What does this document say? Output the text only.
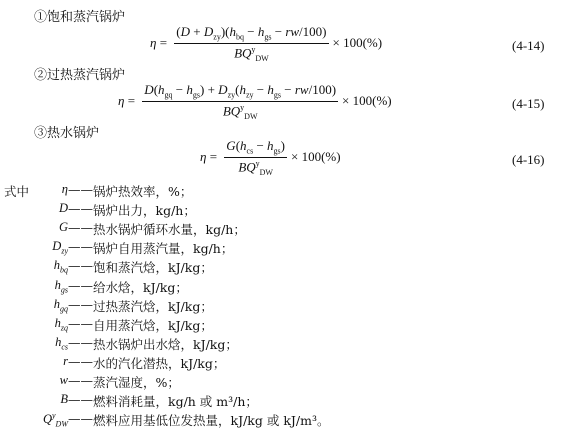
①饱和蒸汽锅炉
$\eta = \frac{(D + D_{zy})(h_{bq} - h_{gs} - rw/100)}{BQ^y_{DW}} \times 100(\%)$	(4-14)
②过热蒸汽锅炉
$\eta = \frac{D(h_{gq} - h_{gs}) + D_{zy}(h_{zy} - h_{gs} - rw/100)}{BQ^y_{DW}} \times 100(\%)$	(4-15)
③热水锅炉
$\eta = \frac{G(h_{cs} - h_{gs})}{BQ^y_{DW}} \times 100(\%)$	(4-16)
式中	η —— 锅炉热效率，%；
D —— 锅炉出力，kg/h；
G —— 热水锅炉循环水量，kg/h；
$D_{zy}$ —— 锅炉自用蒸汽量，kg/h；
$h_{bq}$ —— 饱和蒸汽焓，kJ/kg；
$h_{gs}$ —— 给水焓，kJ/kg；
$h_{gq}$ —— 过热蒸汽焓，kJ/kg；
$h_{zq}$ —— 自用蒸汽焓，kJ/kg；
$h_{cs}$ —— 热水锅炉出水焓，kJ/kg；
r —— 水的汽化潜热，kJ/kg；
w —— 蒸汽湿度，%；
B —— 燃料消耗量，kg/h 或 m³/h；
$Q^y_{DW}$ —— 燃料应用基低位发热量，kJ/kg 或 kJ/m³。
